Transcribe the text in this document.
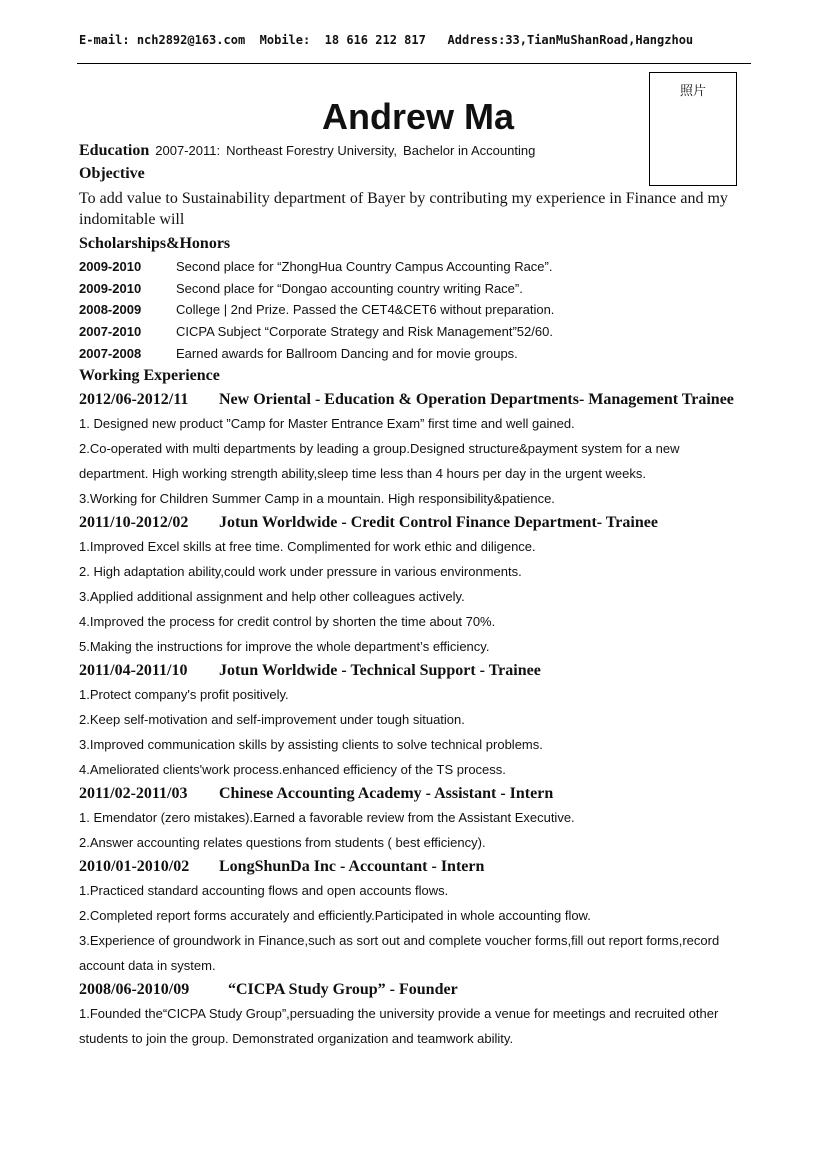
E-mail: nch2892@163.com Mobile: 18 616 212 817 Address:33,TianMuShanRoad,Hangzhou
照片
Andrew Ma
Education 2007-2011: Northeast Forestry University, Bachelor in Accounting
Objective
To add value to Sustainability department of Bayer by contributing my experience in Finance and my indomitable will
Scholarships&Honors
2009-2010	Second place for “ZhongHua Country Campus Accounting Race”.
2009-2010	Second place for “Dongao accounting country writing Race”.
2008-2009	College | 2nd Prize. Passed the CET4&CET6 without preparation.
2007-2010	CICPA Subject “Corporate Strategy and Risk Management”52/60.
2007-2008	Earned awards for Ballroom Dancing and for movie groups.
Working Experience
2012/06-2012/11 New Oriental - Education & Operation Departments- Management Trainee
1. Designed new product ”Camp for Master Entrance Exam” first time and well gained.
2.Co-operated with multi departments by leading a group.Designed structure&payment system for a new department. High working strength ability,sleep time less than 4 hours per day in the urgent weeks.
3.Working for Children Summer Camp in a mountain. High responsibility&patience.
2011/10-2012/02 Jotun Worldwide - Credit Control Finance Department- Trainee
1.Improved Excel skills at free time. Complimented for work ethic and diligence.
2. High adaptation ability,could work under pressure in various environments.
3.Applied additional assignment and help other colleagues actively.
4.Improved the process for credit control by shorten the time about 70%.
5.Making the instructions for improve the whole department’s efficiency.
2011/04-2011/10 Jotun Worldwide - Technical Support - Trainee
1.Protect company's profit positively.
2.Keep self-motivation and self-improvement under tough situation.
3.Improved communication skills by assisting clients to solve technical problems.
4.Ameliorated clients'work process.enhanced efficiency of the TS process.
2011/02-2011/03 Chinese Accounting Academy - Assistant - Intern
1. Emendator (zero mistakes).Earned a favorable review from the Assistant Executive.
2.Answer accounting relates questions from students ( best efficiency).
2010/01-2010/02 LongShunDa Inc - Accountant - Intern
1.Practiced standard accounting flows and open accounts flows.
2.Completed report forms accurately and efficiently.Participated in whole accounting flow.
3.Experience of groundwork in Finance,such as sort out and complete voucher forms,fill out report forms,record account data in system.
2008/06-2010/09 “CICPA Study Group” - Founder
1.Founded the“CICPA Study Group”,persuading the university provide a venue for meetings and recruited other students to join the group. Demonstrated organization and teamwork ability.
